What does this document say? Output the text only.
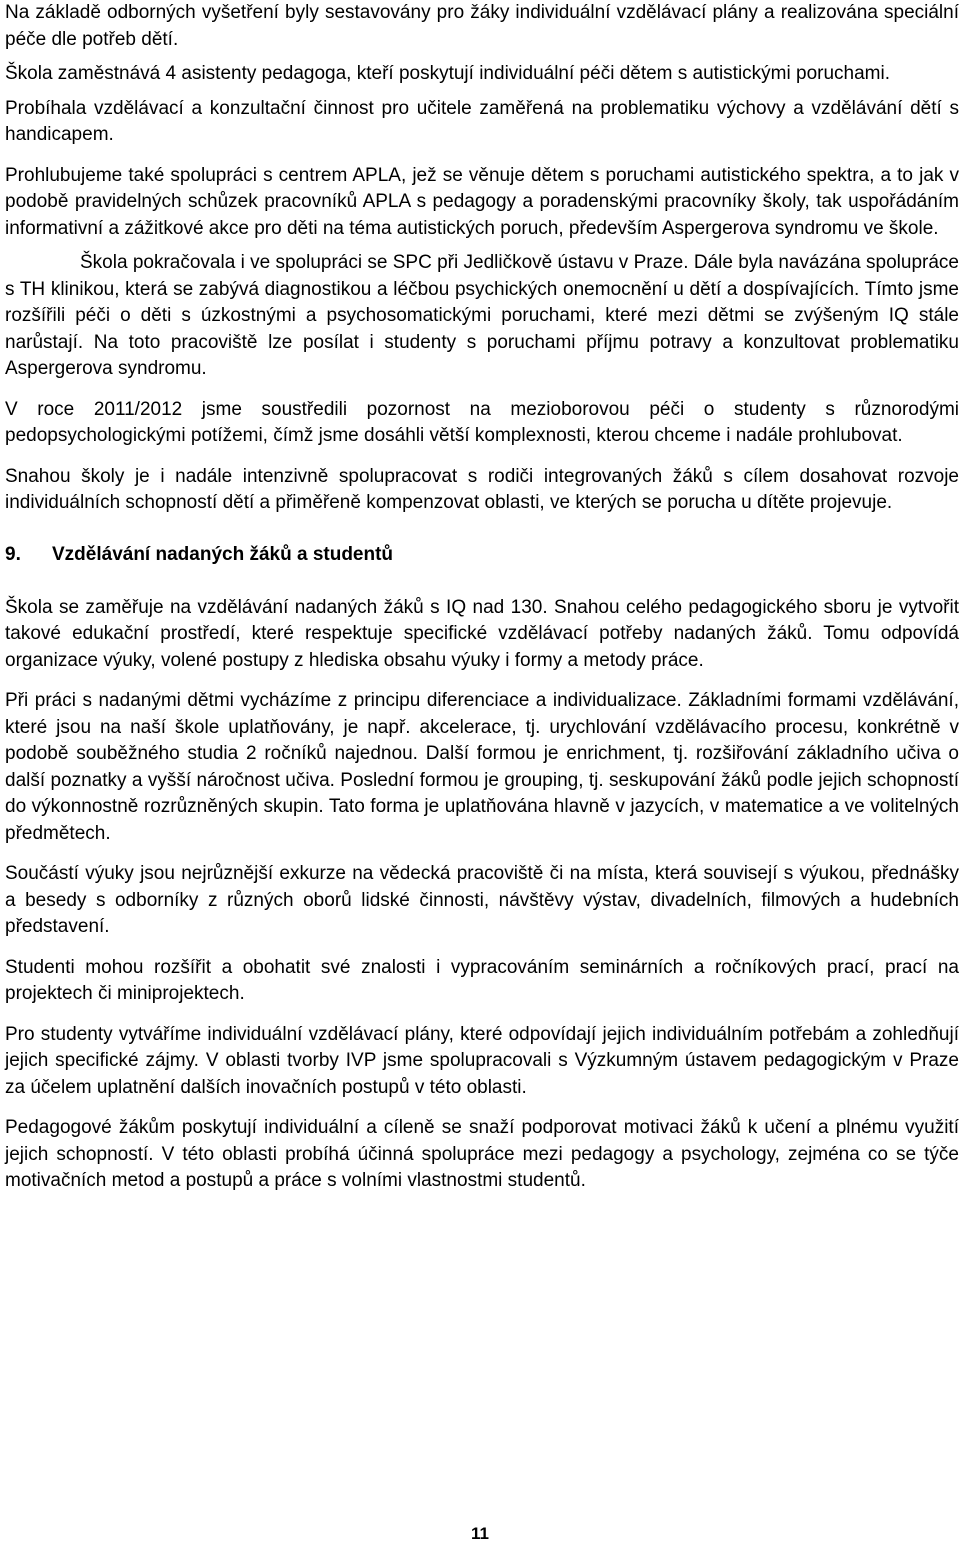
Na základě odborných vyšetření byly sestavovány pro žáky individuální vzdělávací plány a realizována speciální péče dle potřeb dětí.

Škola zaměstnává 4 asistenty pedagoga, kteří poskytují individuální péči dětem s autistickými poruchami.

Probíhala vzdělávací a konzultační činnost pro učitele zaměřená na problematiku výchovy a vzdělávání dětí s handicapem.

Prohlubujeme také spolupráci s centrem APLA, jež se věnuje dětem s poruchami autistického spektra, a to jak v podobě pravidelných schůzek pracovníků APLA s pedagogy a poradenskými pracovníky školy, tak uspořádáním informativní a zážitkové akce pro děti na téma autistických poruch, především Aspergerova syndromu ve škole.

Škola pokračovala i ve spolupráci se SPC při Jedličkově ústavu v Praze. Dále byla navázána spolupráce s TH klinikou, která se zabývá diagnostikou a léčbou psychických onemocnění u dětí a dospívajících. Tímto jsme rozšířili péči o děti s úzkostnými a psychosomatickými poruchami, které mezi dětmi se zvýšeným IQ stále narůstají. Na toto pracoviště lze posílat i studenty s poruchami příjmu potravy a konzultovat problematiku Aspergerova syndromu.

V roce 2011/2012 jsme soustředili pozornost na mezioborovou péči o studenty s různorodými pedopsychologickými potížemi, čímž jsme dosáhli větší komplexnosti, kterou chceme i nadále prohlubovat.

Snahou školy je i nadále intenzivně spolupracovat s rodiči integrovaných žáků s cílem dosahovat rozvoje individuálních schopností dětí a přiměřeně kompenzovat oblasti, ve kterých se porucha u dítěte projevuje.

9.	Vzdělávání nadaných žáků a studentů

Škola se zaměřuje na vzdělávání nadaných žáků s IQ nad 130. Snahou celého pedagogického sboru je vytvořit takové edukační prostředí, které respektuje specifické vzdělávací potřeby nadaných žáků. Tomu odpovídá organizace výuky, volené postupy z hlediska obsahu výuky i formy a metody práce.

Při práci s nadanými dětmi vycházíme z principu diferenciace a individualizace. Základními formami vzdělávání, které jsou na naší škole uplatňovány, je např. akcelerace, tj. urychlování vzdělávacího procesu, konkrétně v podobě souběžného studia 2 ročníků najednou. Další formou je enrichment, tj. rozšiřování základního učiva o další poznatky a vyšší náročnost učiva. Poslední formou je grouping, tj. seskupování žáků podle jejich schopností do výkonnostně rozrůzněných skupin. Tato forma je uplatňována hlavně v jazycích, v matematice a ve volitelných předmětech.

Součástí výuky jsou nejrůznější exkurze na vědecká pracoviště či na místa, která souvisejí s výukou, přednášky a besedy s odborníky z různých oborů lidské činnosti, návštěvy výstav, divadelních, filmových a hudebních představení.

Studenti mohou rozšířit a obohatit své znalosti i vypracováním seminárních a ročníkových prací, prací na projektech či miniprojektech.

Pro studenty vytváříme individuální vzdělávací plány, které odpovídají jejich individuálním potřebám a zohledňují jejich specifické zájmy. V oblasti tvorby IVP jsme spolupracovali s Výzkumným ústavem pedagogickým v Praze za účelem uplatnění dalších inovačních postupů v této oblasti.

Pedagogové žákům poskytují individuální a cíleně se snaží podporovat motivaci žáků k učení a plnému využití jejich schopností. V této oblasti probíhá účinná spolupráce mezi pedagogy a psychology, zejména co se týče motivačních metod a postupů a práce s volními vlastnostmi studentů.

11
